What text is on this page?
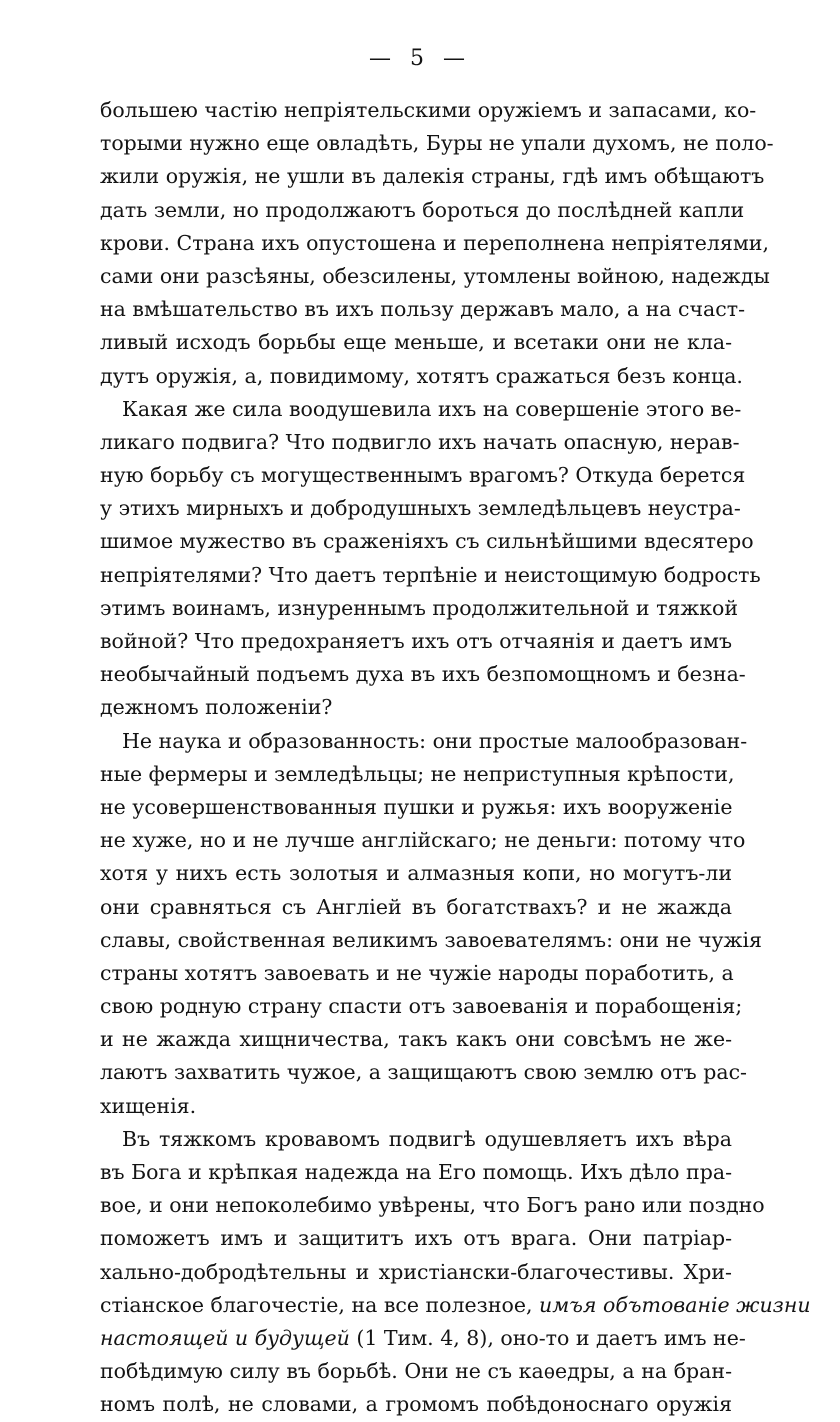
— 5 —
большею частію непріятельскими оружіемъ и запасами, ко-
торыми нужно еще овладѣть, Буры не упали духомъ, не поло-
жили оружія, не ушли въ далекія страны, гдѣ имъ обѣщаютъ
дать земли, но продолжаютъ бороться до послѣдней капли
крови. Страна ихъ опустошена и переполнена непріятелями,
сами они разсѣяны, обезсилены, утомлены войною, надежды
на вмѣшательство въ ихъ пользу державъ мало, а на счаст-
ливый исходъ борьбы еще меньше, и всетаки они не кла-
дутъ оружія, а, повидимому, хотятъ сражаться безъ конца.
Какая же сила воодушевила ихъ на совершеніе этого ве-
ликаго подвига? Что подвигло ихъ начать опасную, нерав-
ную борьбу съ могущественнымъ врагомъ? Откуда берется
у этихъ мирныхъ и добродушныхъ земледѣльцевъ неустра-
шимое мужество въ сраженіяхъ съ сильнѣйшими вдесятеро
непріятелями? Что даетъ терпѣніе и неистощимую бодрость
этимъ воинамъ, изнуреннымъ продолжительной и тяжкой
войной? Что предохраняетъ ихъ отъ отчаянія и даетъ имъ
необычайный подъемъ духа въ ихъ безпомощномъ и безна-
дежномъ положеніи?
Не наука и образованность: они простые малообразован-
ные фермеры и земледѣльцы; не неприступныя крѣпости,
не усовершенствованныя пушки и ружья: ихъ вооруженіе
не хуже, но и не лучше англійскаго; не деньги: потому что
хотя у нихъ есть золотыя и алмазныя копи, но могутъ-ли
они сравняться съ Англіей въ богатствахъ? и не жажда
славы, свойственная великимъ завоевателямъ: они не чужія
страны хотятъ завоевать и не чужіе народы поработить, а
свою родную страну спасти отъ завоеванія и порабощенія;
и не жажда хищничества, такъ какъ они совсѣмъ не же-
лаютъ захватить чужое, а защищаютъ свою землю отъ рас-
хищенія.
Въ тяжкомъ кровавомъ подвигѣ одушевляетъ ихъ вѣра
въ Бога и крѣпкая надежда на Его помощь. Ихъ дѣло пра-
вое, и они непоколебимо увѣрены, что Богъ рано или поздно
поможетъ имъ и защититъ ихъ отъ врага. Они патріар-
хально-добродѣтельны и христіански-благочестивы. Хри-
стіанское благочестіе, на все полезное, имъя обътованіе жизни
настоящей и будущей (1 Тим. 4, 8), оно-то и даетъ имъ не-
побѣдимую силу въ борьбѣ. Они не съ каѳедры, а на бран-
номъ полѣ, не словами, а громомъ побѣдоноснаго оружія
